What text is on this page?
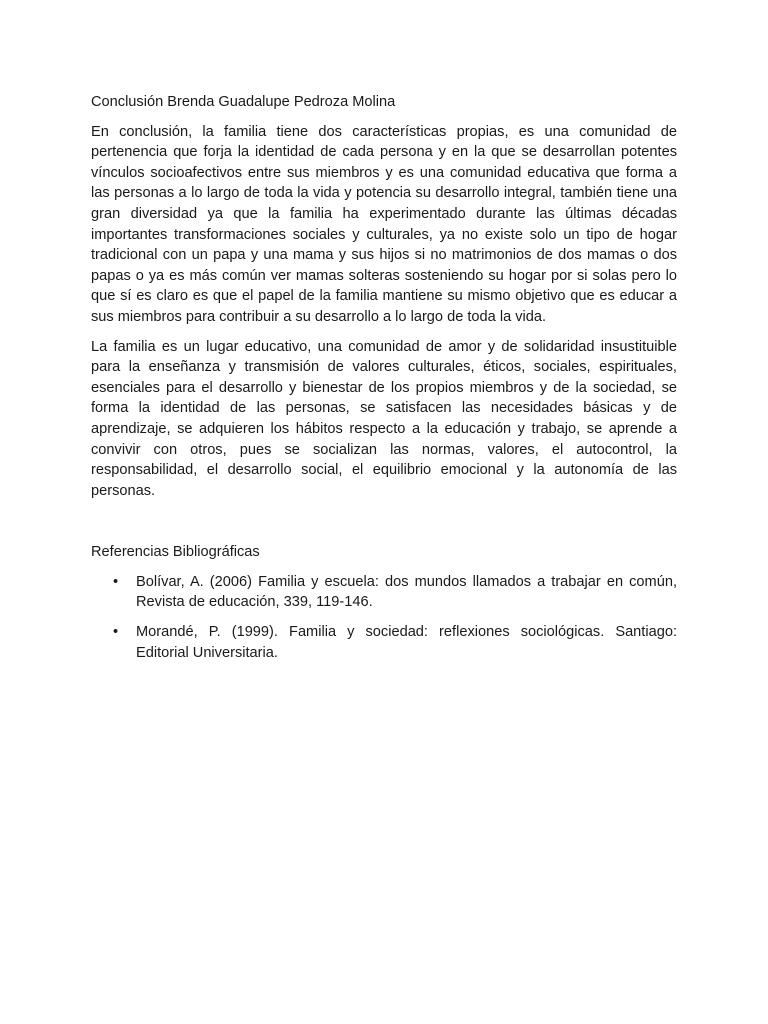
Conclusión Brenda Guadalupe Pedroza Molina

En conclusión, la familia tiene dos características propias, es una comunidad de pertenencia que forja la identidad de cada persona y en la que se desarrollan potentes vínculos socioafectivos entre sus miembros y es una comunidad educativa que forma a las personas a lo largo de toda la vida y potencia su desarrollo integral, también tiene una gran diversidad ya que la familia ha experimentado durante las últimas décadas importantes transformaciones sociales y culturales, ya no existe solo un tipo de hogar tradicional con un papa y una mama y sus hijos si no matrimonios de dos mamas o dos papas o ya es más común ver mamas solteras sosteniendo su hogar por si solas pero lo que sí es claro es que el papel de la familia mantiene su mismo objetivo que es educar a sus miembros para contribuir a su desarrollo a lo largo de toda la vida.

La familia es un lugar educativo, una comunidad de amor y de solidaridad insustituible para la enseñanza y transmisión de valores culturales, éticos, sociales, espirituales, esenciales para el desarrollo y bienestar de los propios miembros y de la sociedad, se forma la identidad de las personas, se satisfacen las necesidades básicas y de aprendizaje, se adquieren los hábitos respecto a la educación y trabajo, se aprende a convivir con otros, pues se socializan las normas, valores, el autocontrol, la responsabilidad, el desarrollo social, el equilibrio emocional y la autonomía de las personas.

Referencias Bibliográficas

• Bolívar, A. (2006) Familia y escuela: dos mundos llamados a trabajar en común, Revista de educación, 339, 119-146.
• Morandé, P. (1999). Familia y sociedad: reflexiones sociológicas. Santiago: Editorial Universitaria.
